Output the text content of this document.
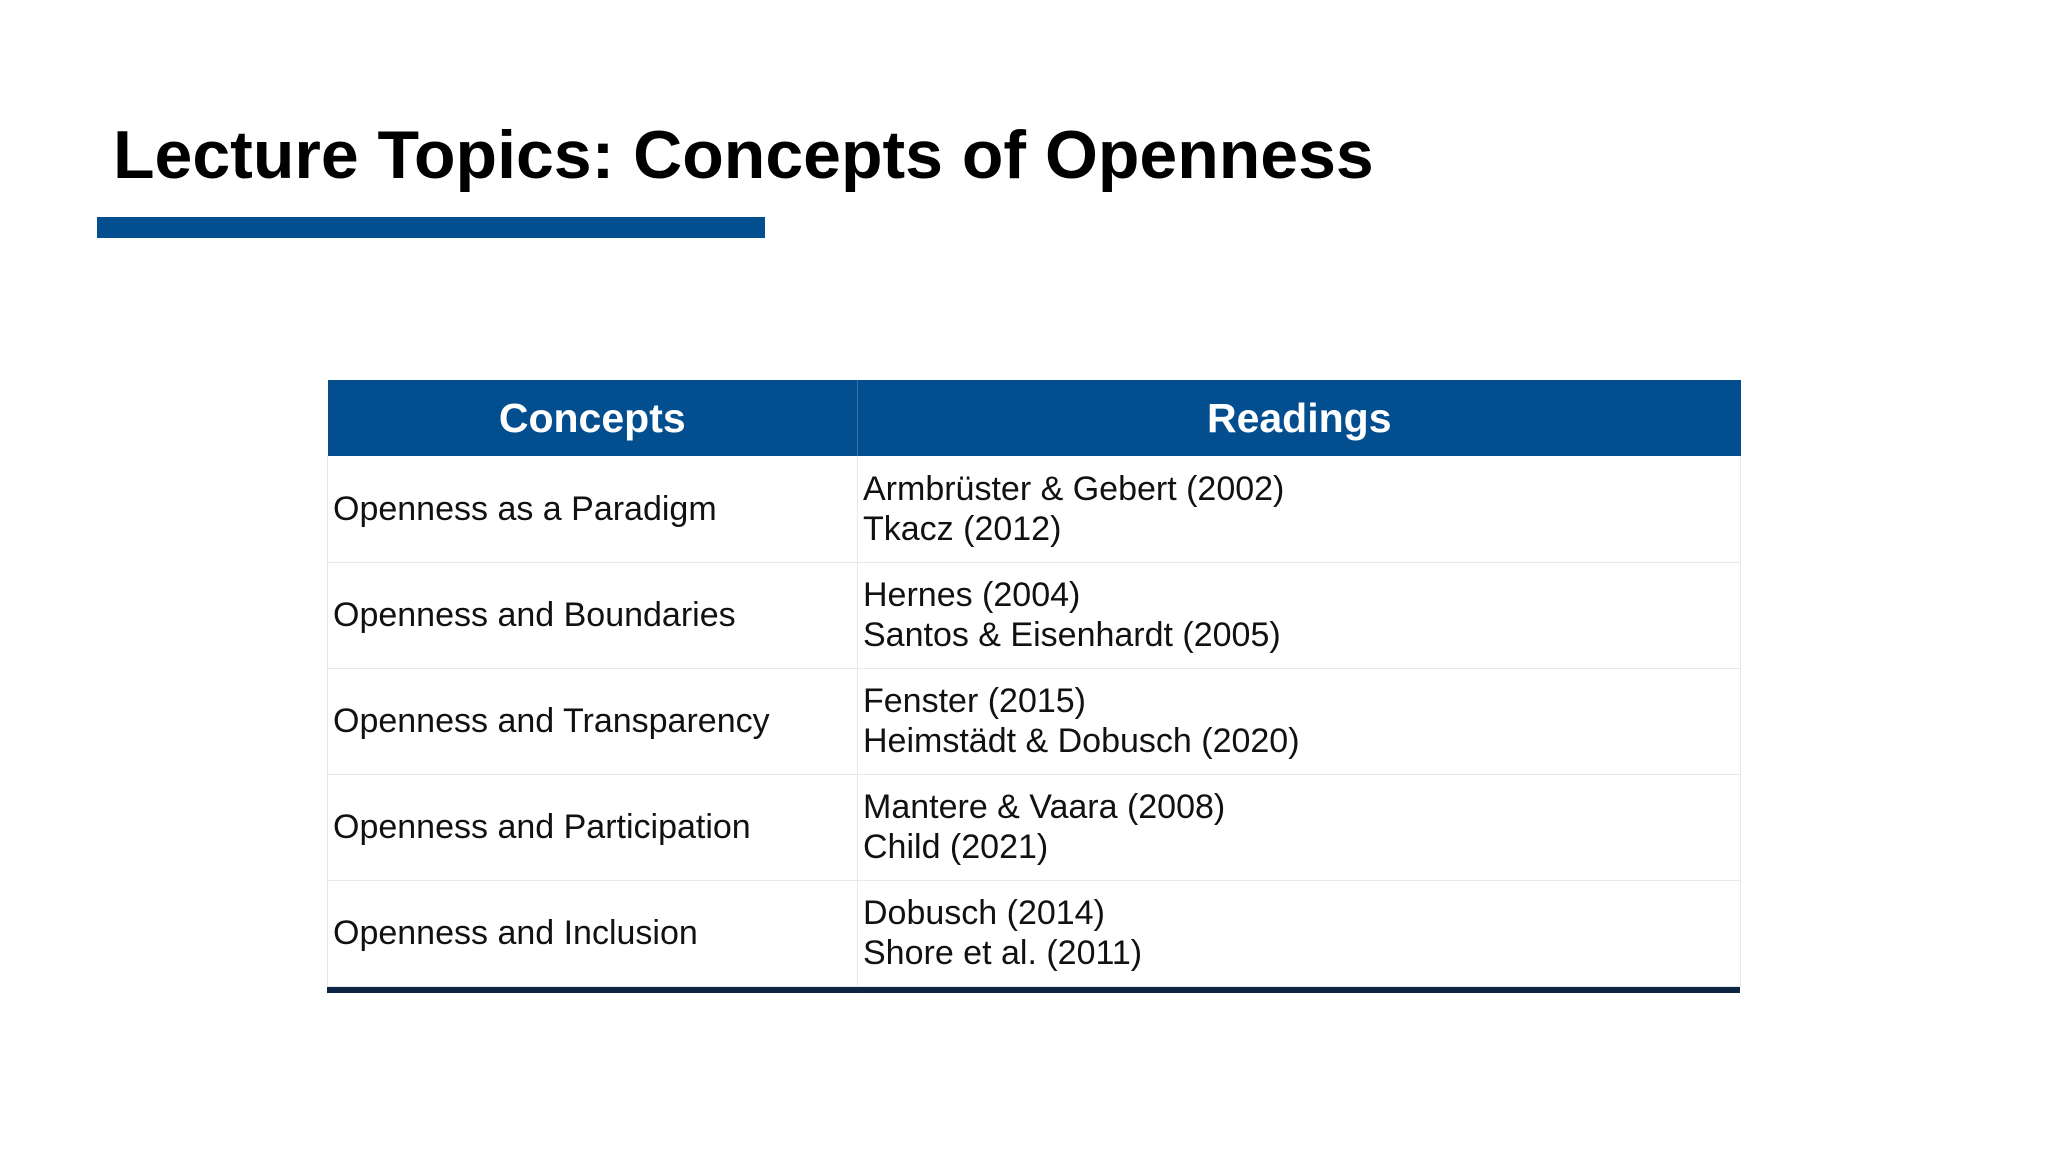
Lecture Topics: Concepts of Openness
Concepts	Readings
Openness as a Paradigm	Armbrüster & Gebert (2002)
Tkacz (2012)

Openness and Boundaries	Hernes (2004)
Santos & Eisenhardt (2005)

Openness and Transparency	Fenster (2015)
Heimstädt & Dobusch (2020)

Openness and Participation	Mantere & Vaara (2008)
Child (2021)

Openness and Inclusion	Dobusch (2014)
Shore et al. (2011)
